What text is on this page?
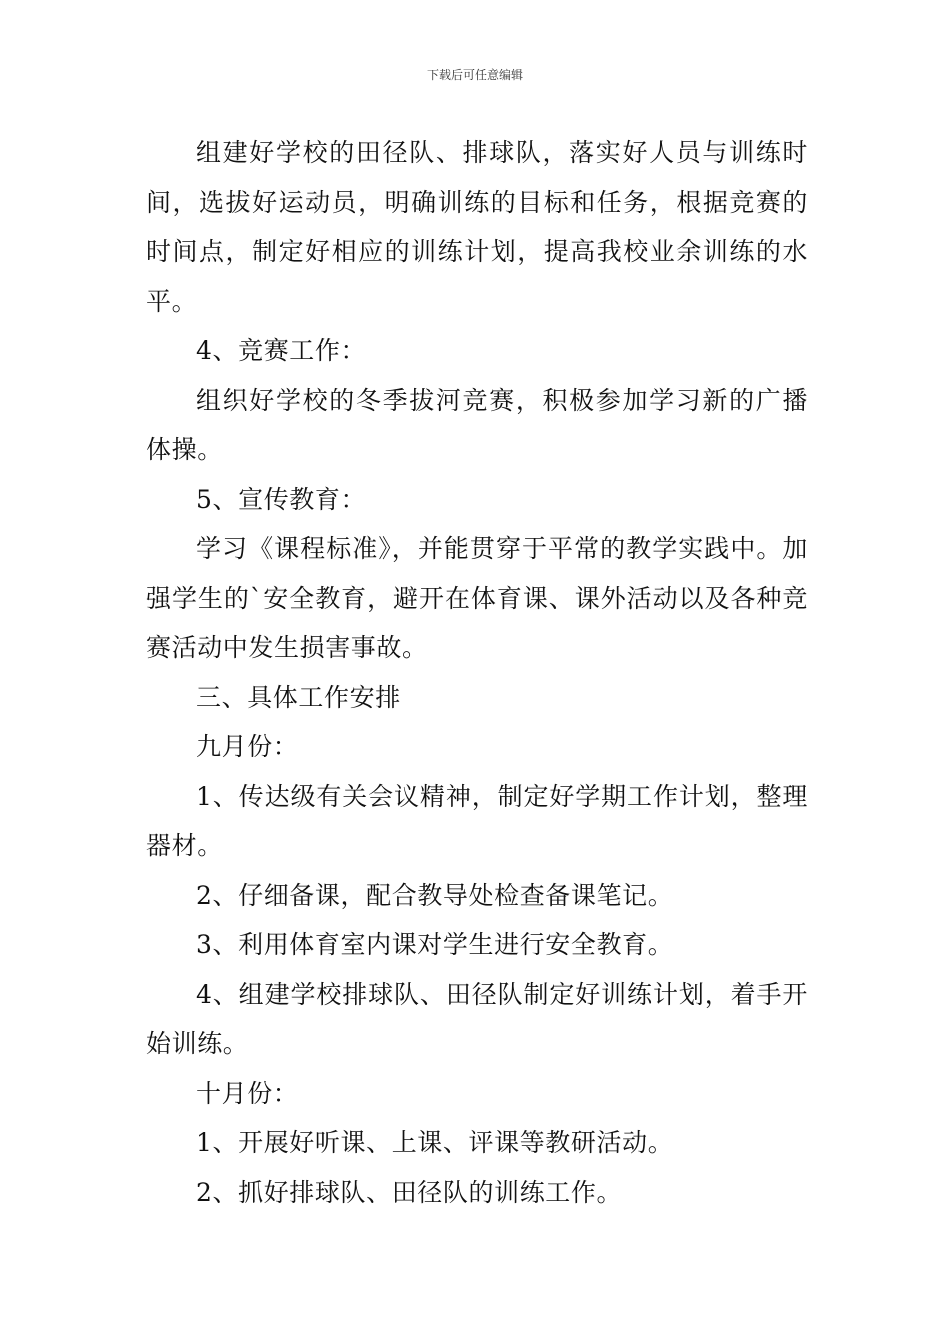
下载后可任意编辑

组建好学校的田径队、排球队，落实好人员与训练时间，选拔好运动员，明确训练的目标和任务，根据竞赛的时间点，制定好相应的训练计划，提高我校业余训练的水平。

4、竞赛工作：

组织好学校的冬季拔河竞赛，积极参加学习新的广播体操。

5、宣传教育：

学习《课程标准》，并能贯穿于平常的教学实践中。加强学生的`安全教育，避开在体育课、课外活动以及各种竞赛活动中发生损害事故。

三、具体工作安排

九月份：

1、传达级有关会议精神，制定好学期工作计划，整理器材。

2、仔细备课，配合教导处检查备课笔记。

3、利用体育室内课对学生进行安全教育。

4、组建学校排球队、田径队制定好训练计划，着手开始训练。

十月份：

1、开展好听课、上课、评课等教研活动。

2、抓好排球队、田径队的训练工作。
